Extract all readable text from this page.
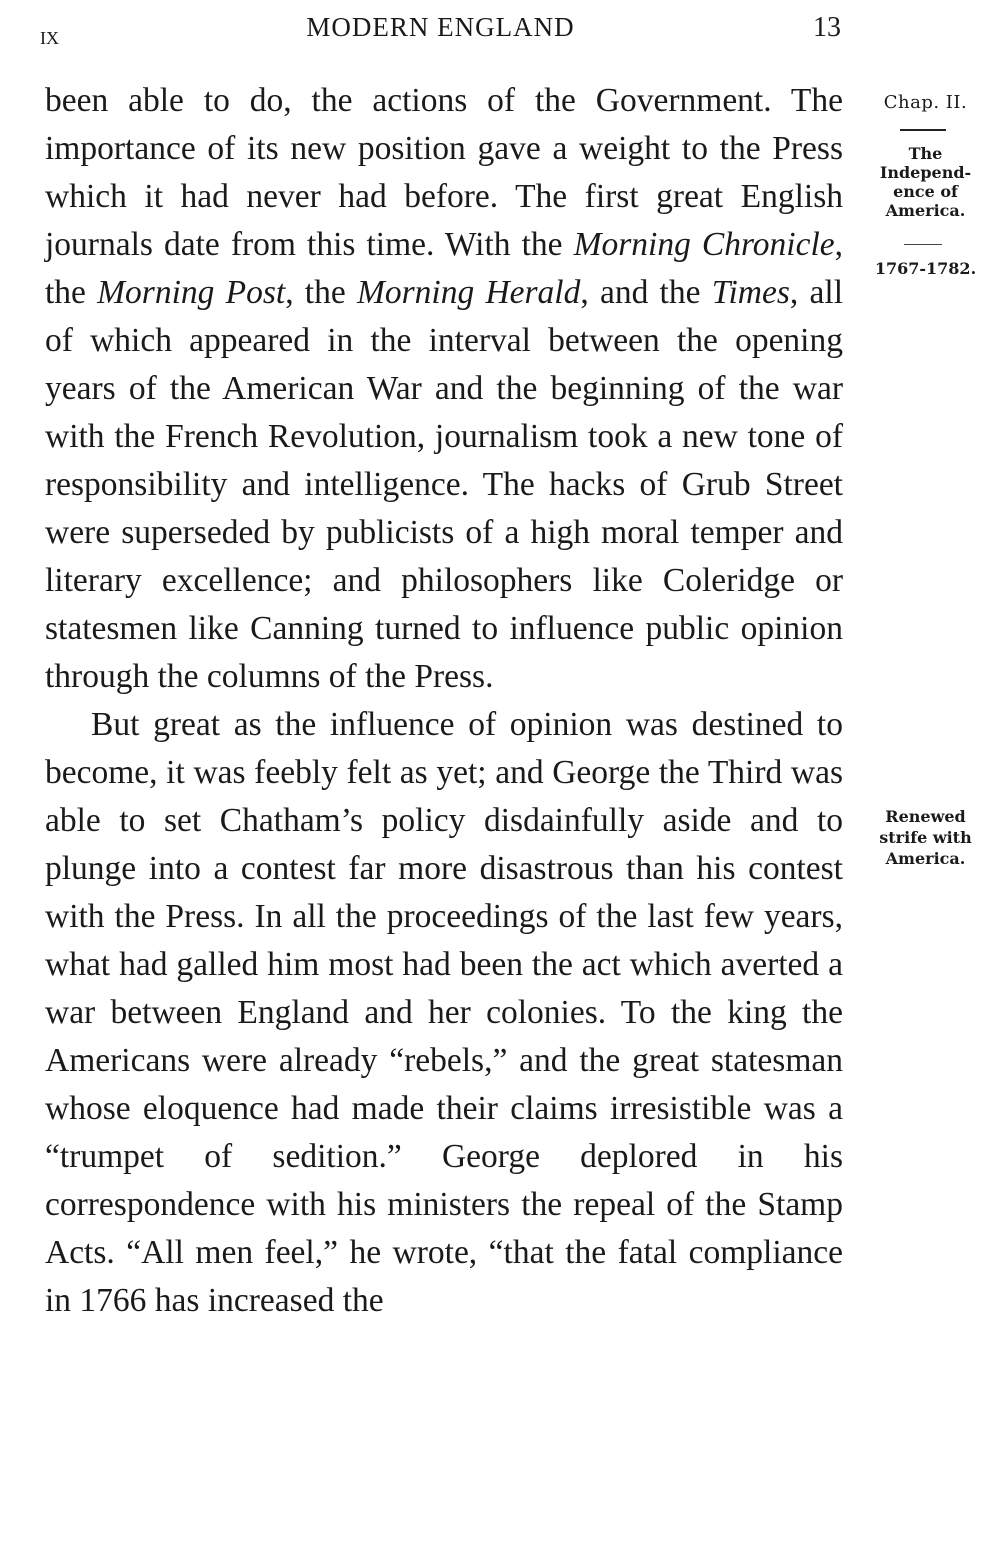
IX	MODERN ENGLAND	13

been able to do, the actions of the Government. The importance of its new position gave a weight to the Press which it had never had before. The first great English journals date from this time. With the Morning Chronicle, the Morning Post, the Morning Herald, and the Times, all of which appeared in the interval between the opening years of the American War and the beginning of the war with the French Revolution, journalism took a new tone of responsibility and intelligence. The hacks of Grub Street were superseded by publicists of a high moral temper and literary excellence; and philosophers like Coleridge or statesmen like Canning turned to influence public opinion through the columns of the Press.

But great as the influence of opinion was destined to become, it was feebly felt as yet; and George the Third was able to set Chatham’s policy disdainfully aside and to plunge into a contest far more disastrous than his contest with the Press. In all the proceedings of the last few years, what had galled him most had been the act which averted a war between England and her colonies. To the king the Americans were already “rebels,” and the great statesman whose eloquence had made their claims irresistible was a “trumpet of sedition.” George deplored in his correspondence with his ministers the repeal of the Stamp Acts. “All men feel,” he wrote, “that the fatal compliance in 1766 has increased the

Chap. II.
The
Independ-
ence of
America.
1767-1782.
Renewed
strife with
America.
